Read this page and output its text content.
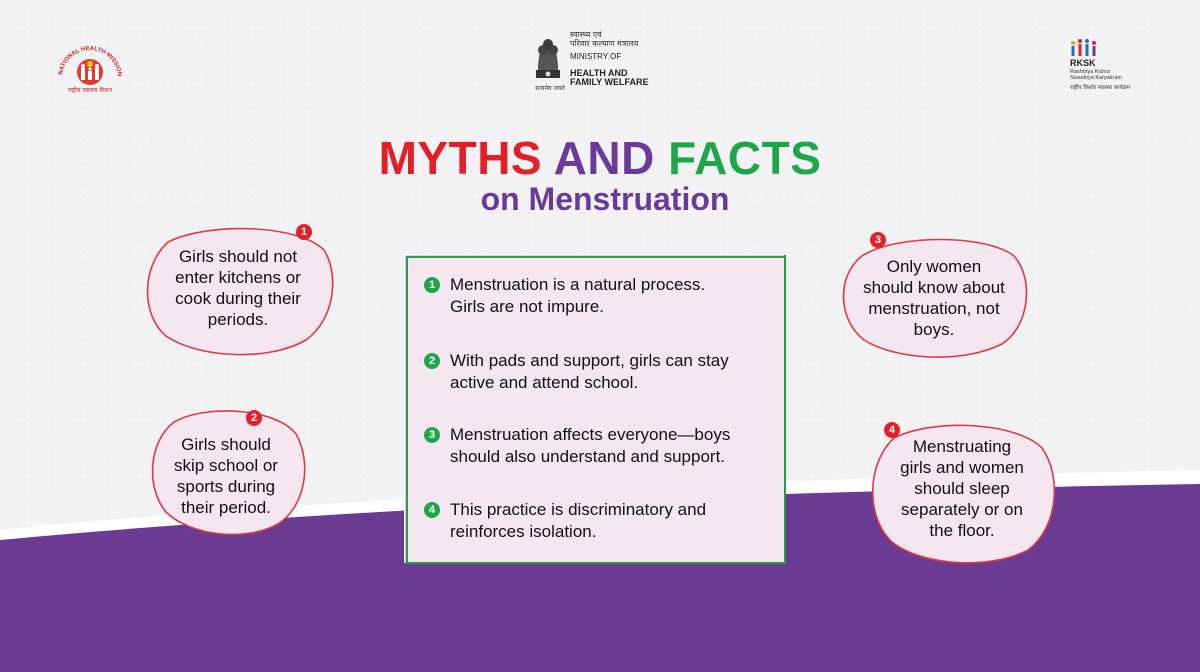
NATIONAL HEALTH MISSION
राष्ट्रीय स्वास्थ्य मिशन	सत्यमेव जयते
स्वास्थ्य एवं
परिवार कल्याण मंत्रालय
MINISTRY OF
HEALTH AND
FAMILY WELFARE
RKSK
Rashtriya Kishor
Swasthya Karyakram
राष्ट्रीय किशोर स्वास्थ्य कार्यक्रम
MYTHS AND FACTS
on Menstruation
1
Girls should not
enter kitchens or
cook during their
periods.
2
Girls should
skip school or
sports during
their period.
3
Only women
should know about
menstruation, not
boys.
4
Menstruating
girls and women
should sleep
separately or on
the floor.
1 Menstruation is a natural process.
Girls are not impure.
2 With pads and support, girls can stay
active and attend school.
3 Menstruation affects everyone—boys
should also understand and support.
4 This practice is discriminatory and
reinforces isolation.
